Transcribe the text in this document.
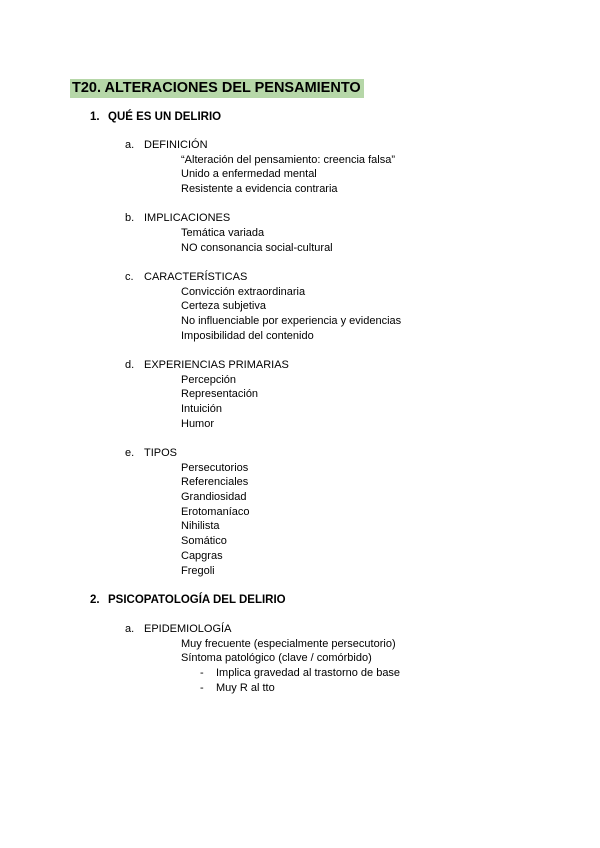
T20. ALTERACIONES DEL PENSAMIENTO
1. QUÉ ES UN DELIRIO
a. DEFINICIÓN
“Alteración del pensamiento: creencia falsa”
Unido a enfermedad mental
Resistente a evidencia contraria
b. IMPLICACIONES
Temática variada
NO consonancia social-cultural
c. CARACTERÍSTICAS
Convicción extraordinaria
Certeza subjetiva
No influenciable por experiencia y evidencias
Imposibilidad del contenido
d. EXPERIENCIAS PRIMARIAS
Percepción
Representación
Intuición
Humor
e. TIPOS
Persecutorios
Referenciales
Grandiosidad
Erotomaníaco
Nihilista
Somático
Capgras
Fregoli
2. PSICOPATOLOGÍA DEL DELIRIO
a. EPIDEMIOLOGÍA
Muy frecuente (especialmente persecutorio)
Síntoma patológico (clave / comórbido)
- Implica gravedad al trastorno de base
- Muy R al tto
